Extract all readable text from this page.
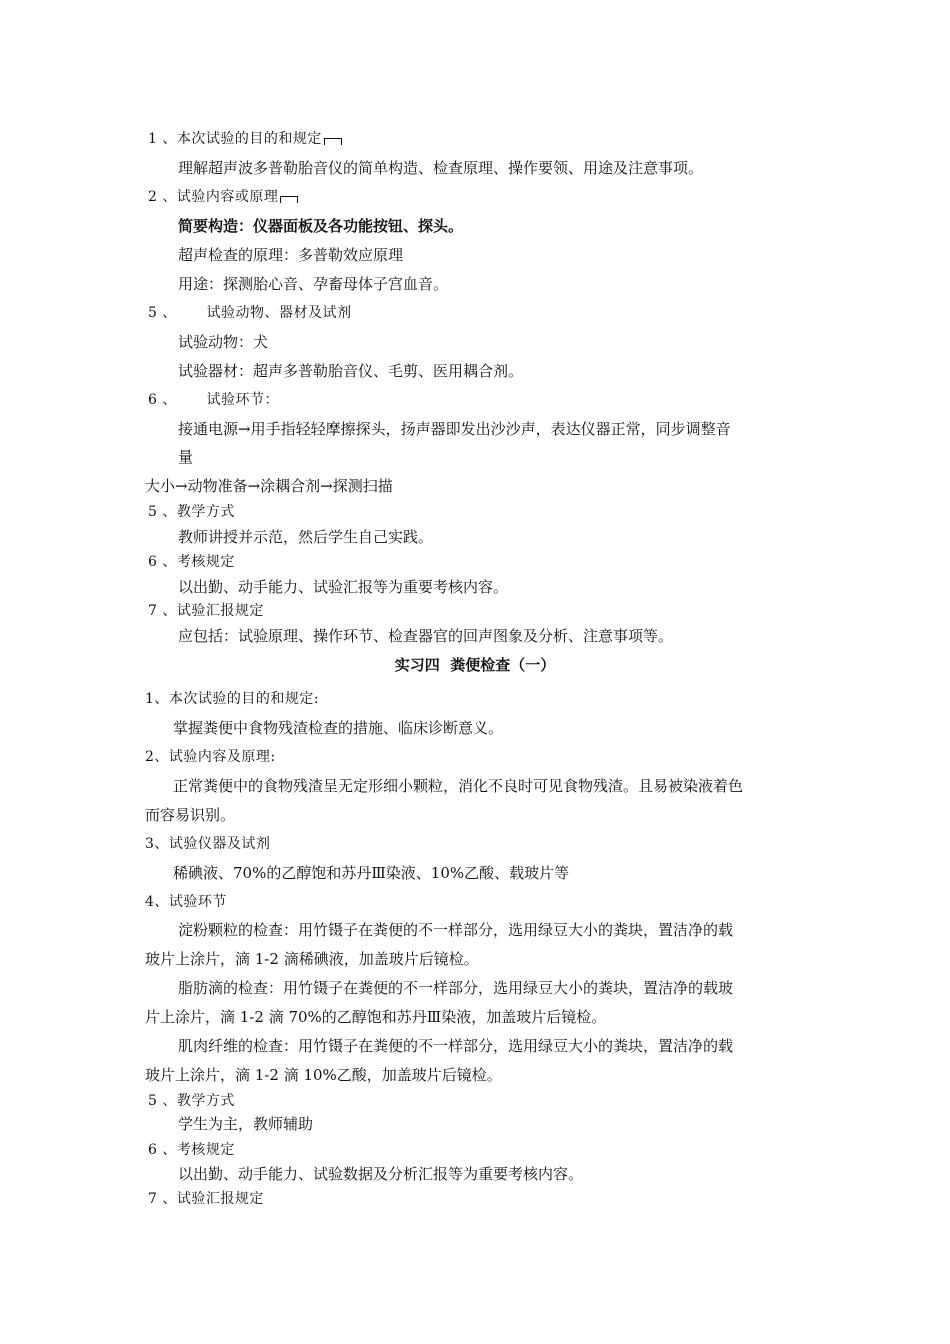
1 、本次试验的目的和规定
理解超声波多普勒胎音仪的简单构造、检查原理、操作要领、用途及注意事项。
2 、试验内容或原理
简要构造：仪器面板及各功能按钮、探头。
超声检查的原理：多普勒效应原理
用途：探测胎心音、孕畜母体子宫血音。
5 、      试验动物、器材及试剂
试验动物：犬
试验器材：超声多普勒胎音仪、毛剪、医用耦合剂。
6 、      试验环节：
接通电源→用手指轻轻摩擦探头，扬声器即发出沙沙声，表达仪器正常，同步调整音
量
大小→动物准备→涂耦合剂→探测扫描
5 、教学方式
教师讲授并示范，然后学生自己实践。
6 、考核规定
以出勤、动手能力、试验汇报等为重要考核内容。
7 、试验汇报规定
应包括：试验原理、操作环节、检查器官的回声图象及分析、注意事项等。
实习四  粪便检查（一）
1、本次试验的目的和规定:
掌握粪便中食物残渣检查的措施、临床诊断意义。
2、试验内容及原理:
正常粪便中的食物残渣呈无定形细小颗粒，消化不良时可见食物残渣。且易被染液着色
而容易识别。
3、试验仪器及试剂
稀碘液、70%的乙醇饱和苏丹Ⅲ染液、10%乙酸、载玻片等
4、试验环节
淀粉颗粒的检查：用竹镊子在粪便的不一样部分，选用绿豆大小的粪块，置洁净的载
玻片上涂片，滴 1-2 滴稀碘液，加盖玻片后镜检。
脂肪滴的检查：用竹镊子在粪便的不一样部分，选用绿豆大小的粪块，置洁净的载玻
片上涂片，滴 1-2 滴 70%的乙醇饱和苏丹Ⅲ染液，加盖玻片后镜检。
肌肉纤维的检查：用竹镊子在粪便的不一样部分，选用绿豆大小的粪块，置洁净的载
玻片上涂片，滴 1-2 滴 10%乙酸，加盖玻片后镜检。
5 、教学方式
学生为主，教师辅助
6 、考核规定
以出勤、动手能力、试验数据及分析汇报等为重要考核内容。
7 、试验汇报规定
